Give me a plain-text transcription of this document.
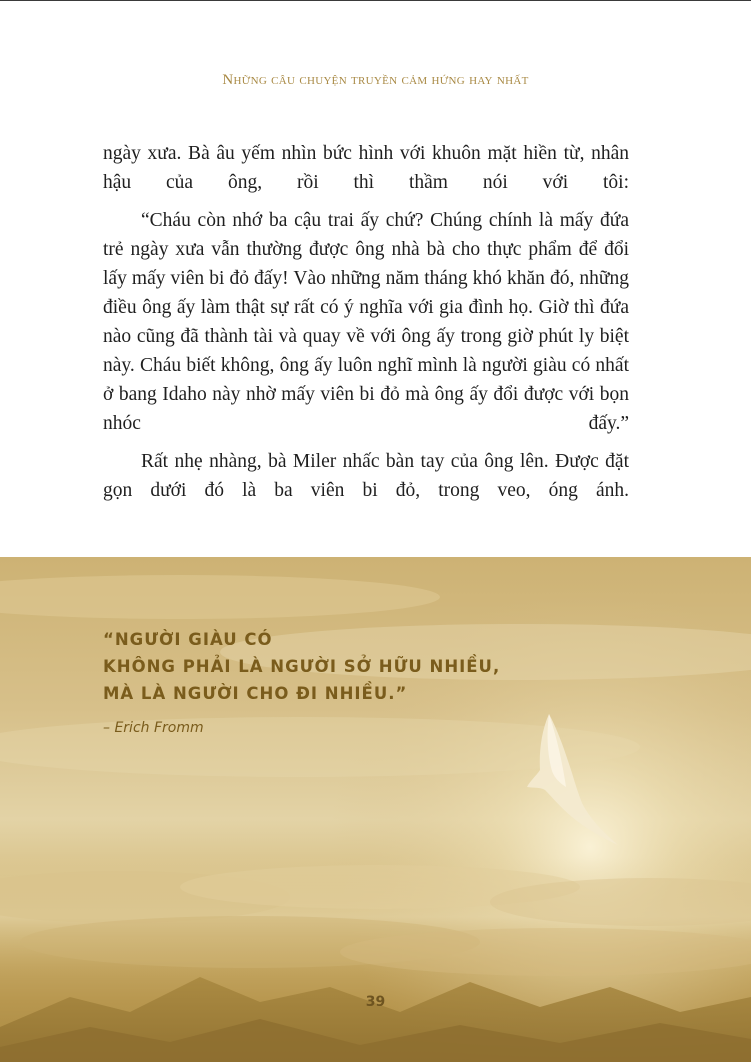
Những câu chuyện truyền cảm hứng hay nhất

ngày xưa. Bà âu yếm nhìn bức hình với khuôn mặt hiền từ, nhân hậu của ông, rồi thì thầm nói với tôi:

“Cháu còn nhớ ba cậu trai ấy chứ? Chúng chính là mấy đứa trẻ ngày xưa vẫn thường được ông nhà bà cho thực phẩm để đổi lấy mấy viên bi đỏ đấy! Vào những năm tháng khó khăn đó, những điều ông ấy làm thật sự rất có ý nghĩa với gia đình họ. Giờ thì đứa nào cũng đã thành tài và quay về với ông ấy trong giờ phút ly biệt này. Cháu biết không, ông ấy luôn nghĩ mình là người giàu có nhất ở bang Idaho này nhờ mấy viên bi đỏ mà ông ấy đổi được với bọn nhóc đấy.”

Rất nhẹ nhàng, bà Miler nhấc bàn tay của ông lên. Được đặt gọn dưới đó là ba viên bi đỏ, trong veo, óng ánh.

“NGƯỜI GIÀU CÓ
KHÔNG PHẢI LÀ NGƯỜI SỞ HỮU NHIỀU,
MÀ LÀ NGƯỜI CHO ĐI NHIỀU.”
– Erich Fromm
39
